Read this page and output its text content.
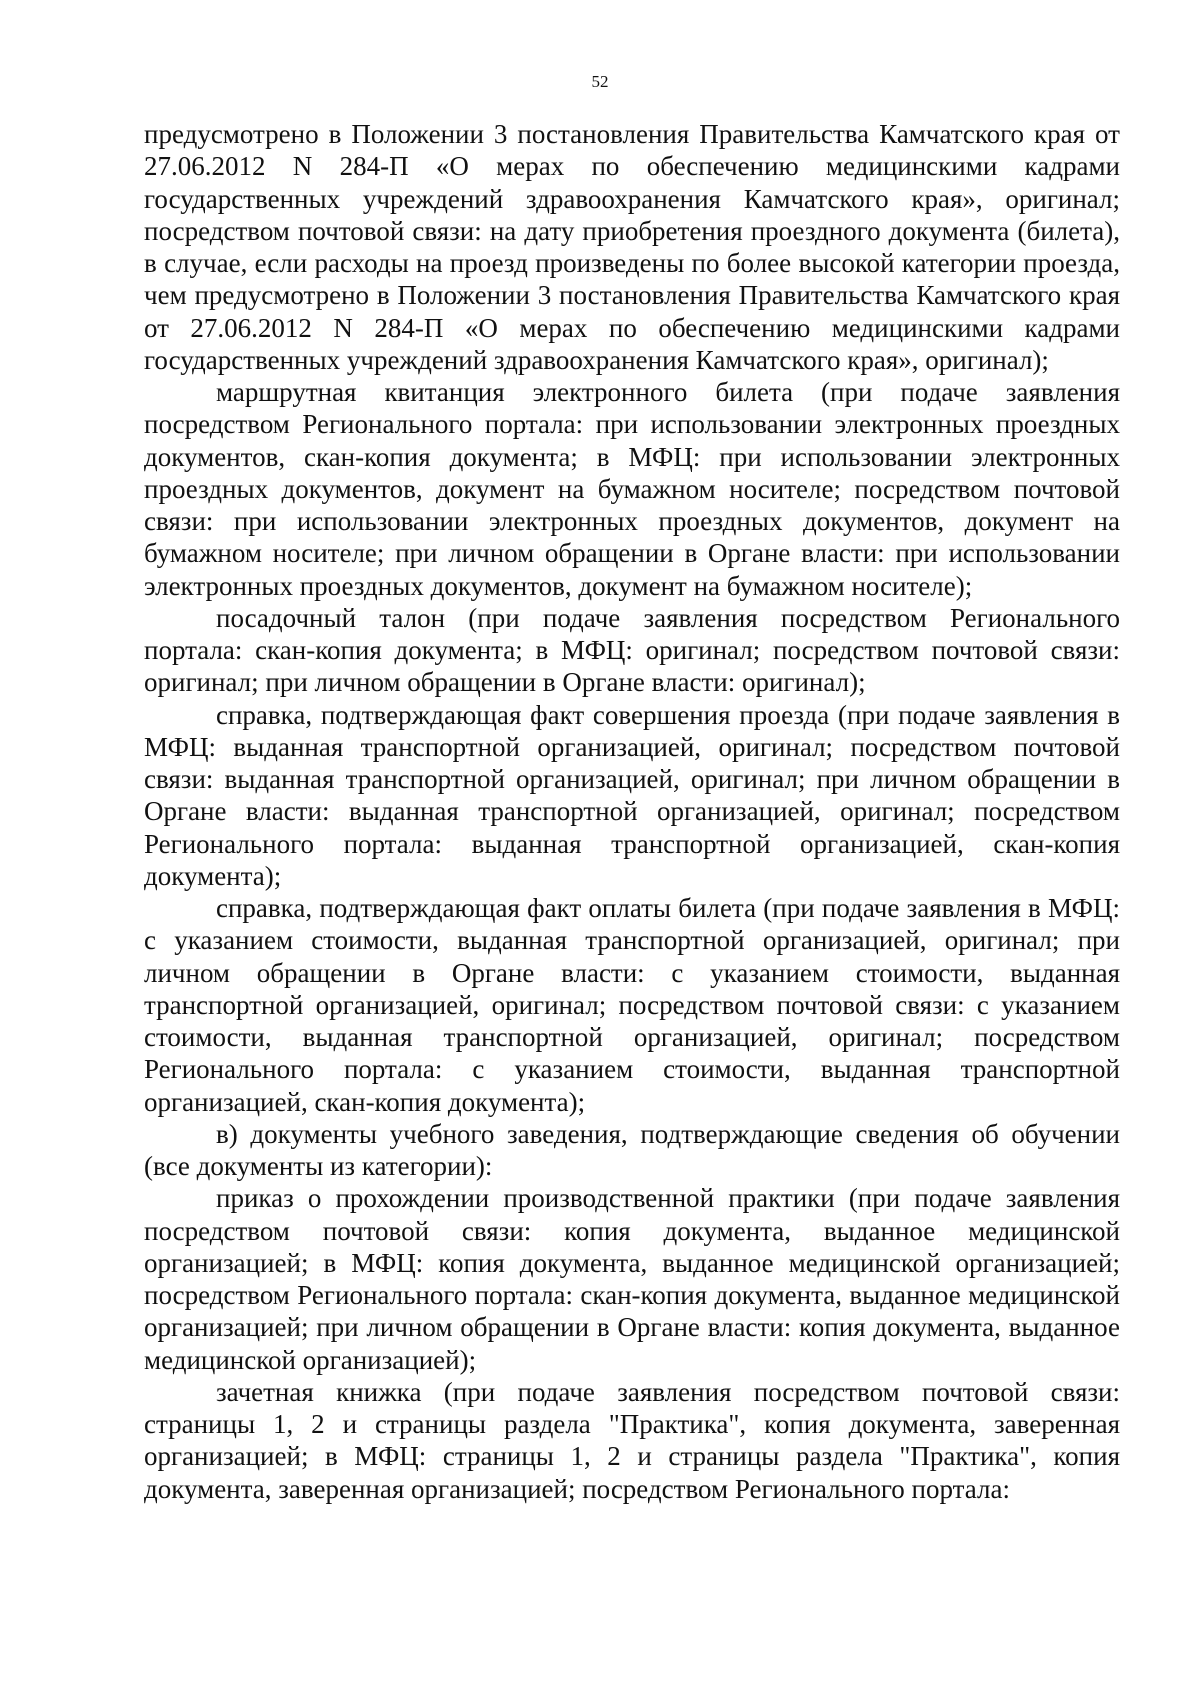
52

предусмотрено в Положении 3 постановления Правительства Камчатского края от 27.06.2012 N 284-П «О мерах по обеспечению медицинскими кадрами государственных учреждений здравоохранения Камчатского края», оригинал; посредством почтовой связи: на дату приобретения проездного документа (билета), в случае, если расходы на проезд произведены по более высокой категории проезда, чем предусмотрено в Положении 3 постановления Правительства Камчатского края от 27.06.2012 N 284-П «О мерах по обеспечению медицинскими кадрами государственных учреждений здравоохранения Камчатского края», оригинал);

маршрутная квитанция электронного билета (при подаче заявления посредством Регионального портала: при использовании электронных проездных документов, скан-копия документа; в МФЦ: при использовании электронных проездных документов, документ на бумажном носителе; посредством почтовой связи: при использовании электронных проездных документов, документ на бумажном носителе; при личном обращении в Органе власти: при использовании электронных проездных документов, документ на бумажном носителе);

посадочный талон (при подаче заявления посредством Регионального портала: скан-копия документа; в МФЦ: оригинал; посредством почтовой связи: оригинал; при личном обращении в Органе власти: оригинал);

справка, подтверждающая факт совершения проезда (при подаче заявления в МФЦ: выданная транспортной организацией, оригинал; посредством почтовой связи: выданная транспортной организацией, оригинал; при личном обращении в Органе власти: выданная транспортной организацией, оригинал; посредством Регионального портала: выданная транспортной организацией, скан-копия документа);

справка, подтверждающая факт оплаты билета (при подаче заявления в МФЦ: с указанием стоимости, выданная транспортной организацией, оригинал; при личном обращении в Органе власти: с указанием стоимости, выданная транспортной организацией, оригинал; посредством почтовой связи: с указанием стоимости, выданная транспортной организацией, оригинал; посредством Регионального портала: с указанием стоимости, выданная транспортной организацией, скан-копия документа);

в) документы учебного заведения, подтверждающие сведения об обучении (все документы из категории):

приказ о прохождении производственной практики (при подаче заявления посредством почтовой связи: копия документа, выданное медицинской организацией; в МФЦ: копия документа, выданное медицинской организацией; посредством Регионального портала: скан-копия документа, выданное медицинской организацией; при личном обращении в Органе власти: копия документа, выданное медицинской организацией);

зачетная книжка (при подаче заявления посредством почтовой связи: страницы 1, 2 и страницы раздела "Практика", копия документа, заверенная организацией; в МФЦ: страницы 1, 2 и страницы раздела "Практика", копия документа, заверенная организацией; посредством Регионального портала:
